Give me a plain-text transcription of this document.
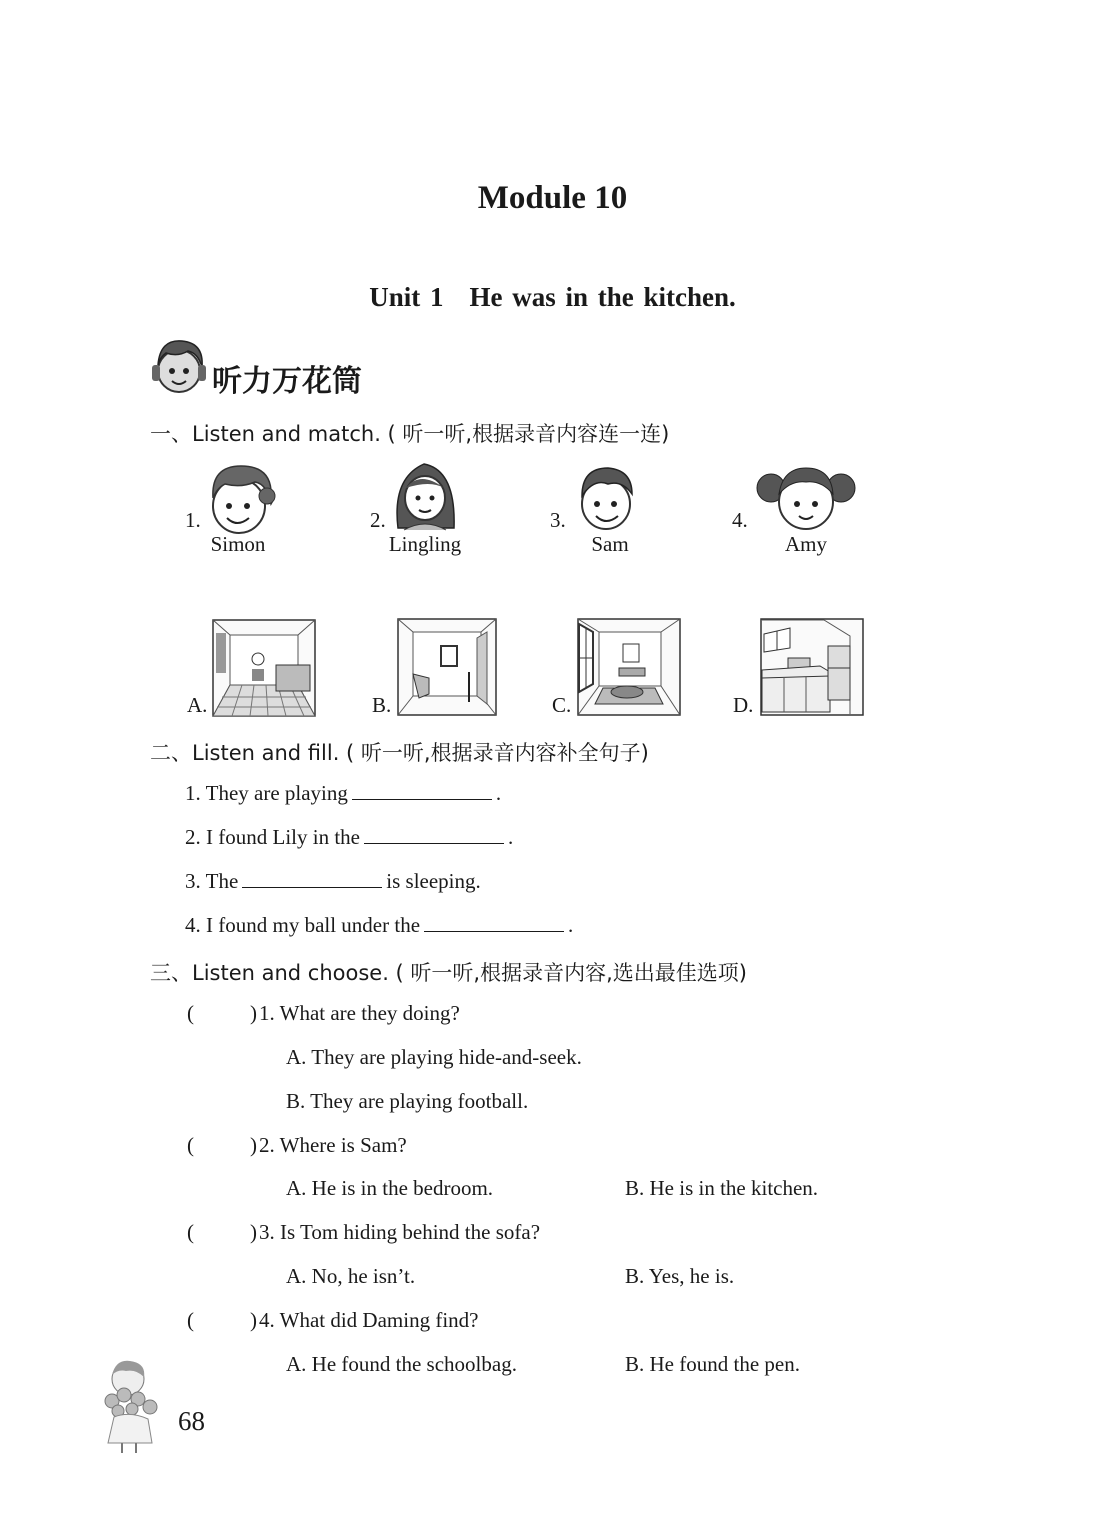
Module 10
Unit 1 He was in the kitchen.
听力万花筒
一、Listen and match. ( 听一听,根据录音内容连一连)
1.
Simon
2.
Lingling
3.
Sam
4.
Amy
A.	B.	C.	D.
二、Listen and fill. ( 听一听,根据录音内容补全句子)
1. They are playing	.
2. I found Lily in the	.
3. The	is sleeping.
4. I found my ball under the	.
三、Listen and choose. ( 听一听,根据录音内容,选出最佳选项)
(	) 1. What are they doing?
A. They are playing hide-and-seek.
B. They are playing football.
(	) 2. Where is Sam?
A. He is in the bedroom.	B. He is in the kitchen.
(	) 3. Is Tom hiding behind the sofa?
A. No, he isn’t.	B. Yes, he is.
(	) 4. What did Daming find?
A. He found the schoolbag.	B. He found the pen.
68
